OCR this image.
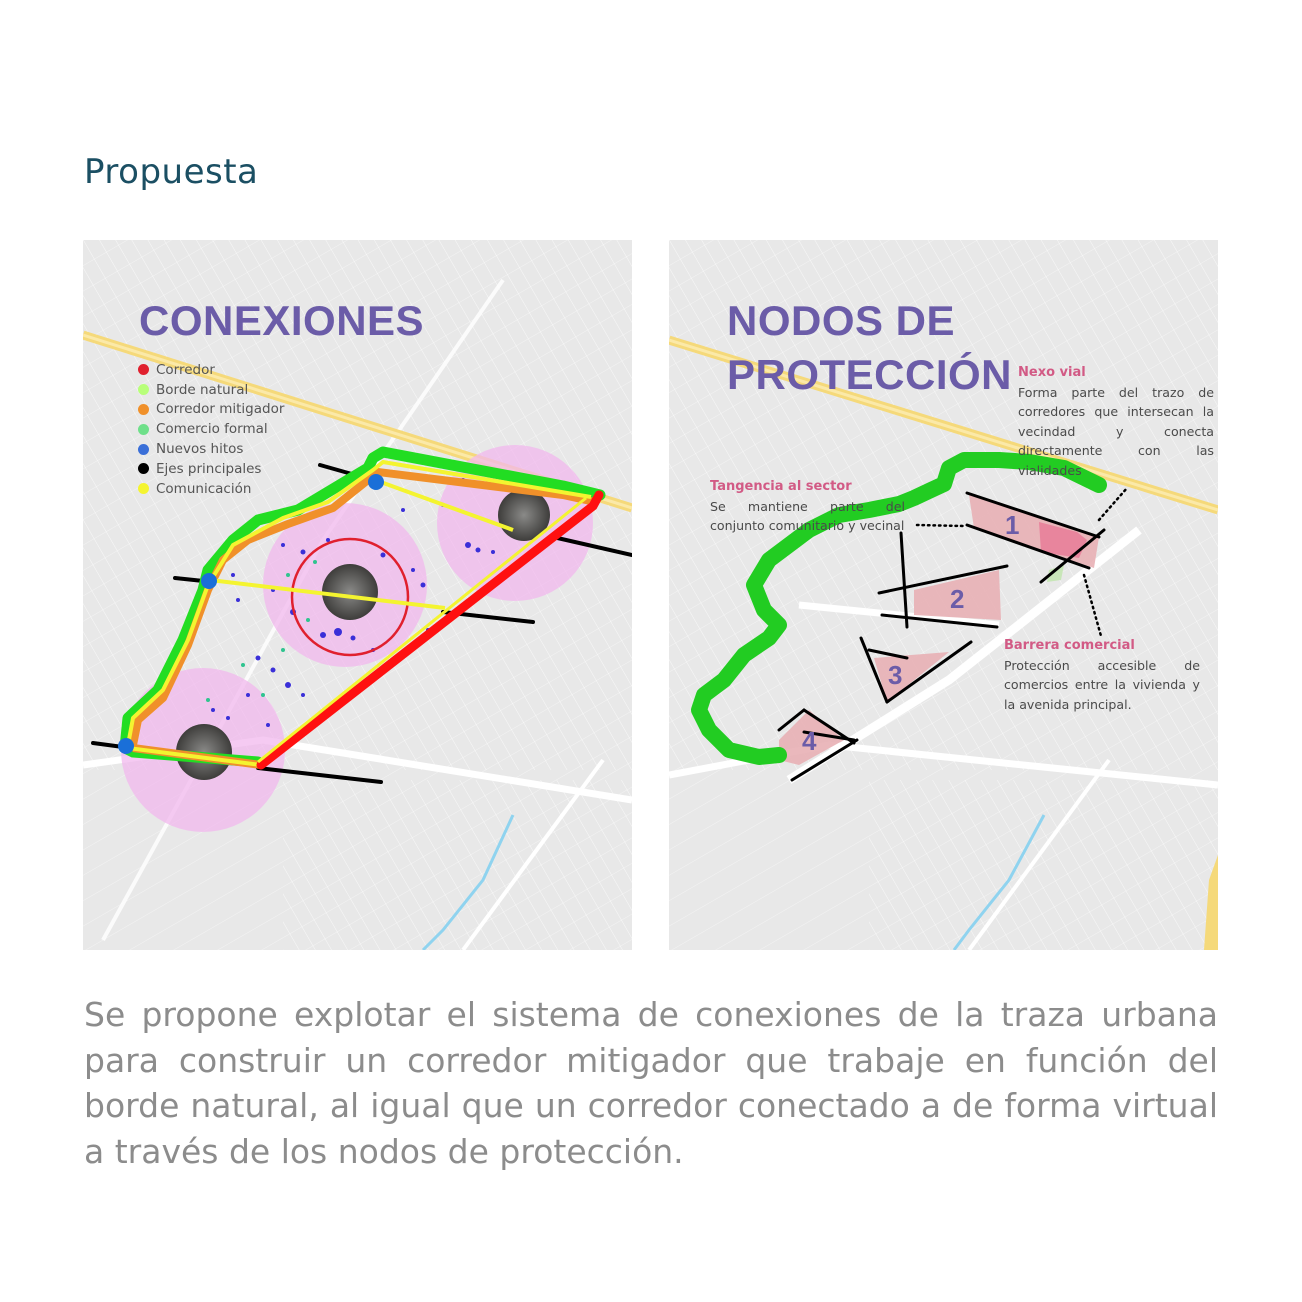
Propuesta
CONEXIONES
Corredor
Borde natural
Corredor mitigador
Comercio formal
Nuevos hitos
Ejes principales
Comunicación
NODOS DE
PROTECCIÓN Nexo vial
Forma parte del trazo de corredores que intersecan la vecindad y conecta directamente con las vialidades
Tangencia al sector
Se mantiene parte del conjunto comunitario y vecinal
Barrera comercial
Protección accesible de comercios entre la vivienda y la avenida principal.
1
2
3
4
Se propone explotar el sistema de conexiones de la traza urbana para construir un corredor mitigador que trabaje en función del borde natural, al igual que un corredor conectado a de forma virtual a través de los nodos de protección.
